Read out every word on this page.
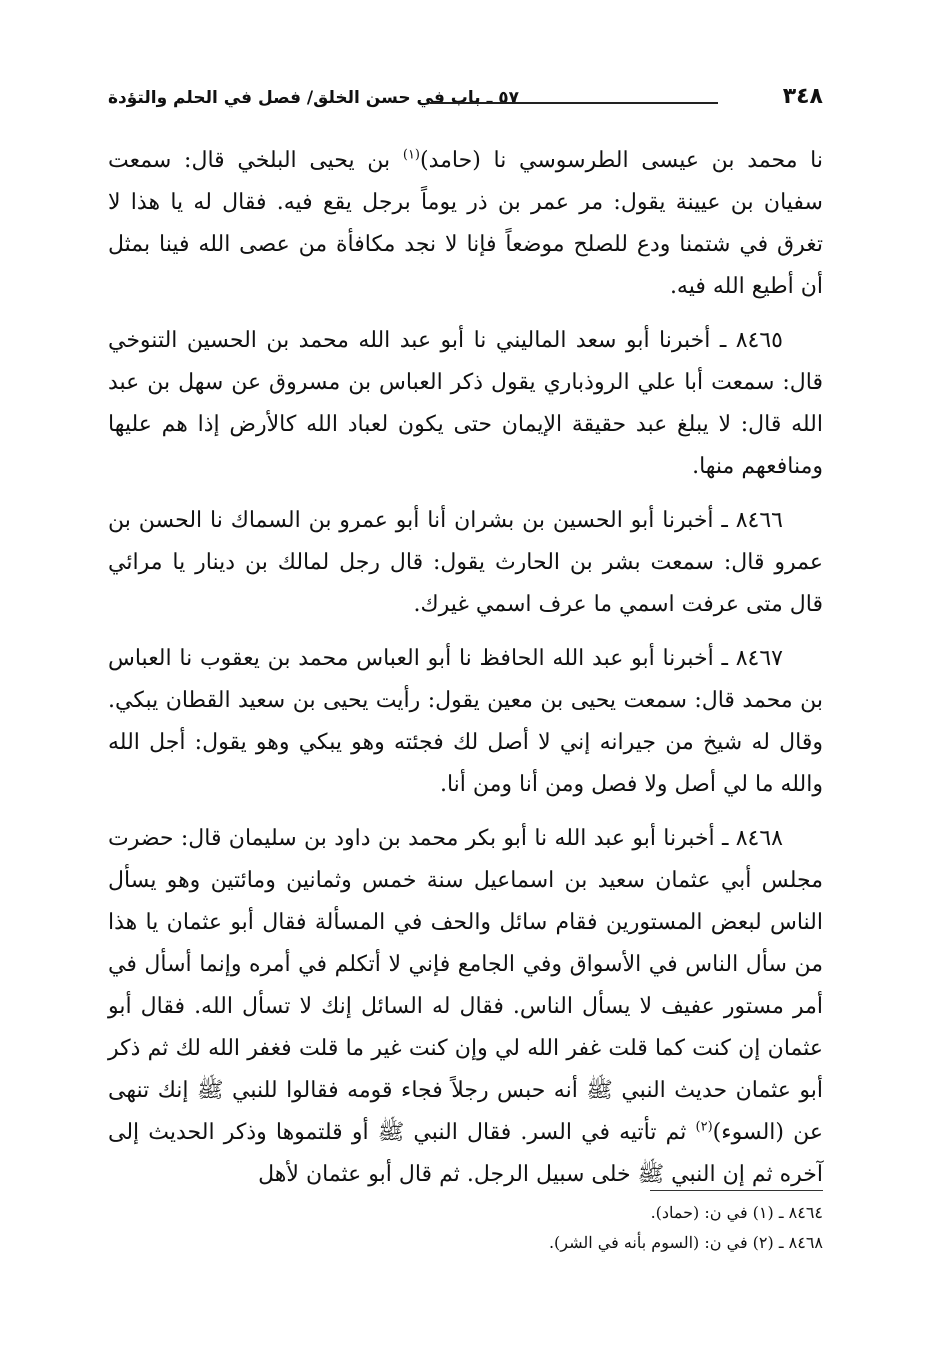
٥٧ ـ باب في حسن الخلق/ فصل في الحلم والتؤدة	٣٤٨

نا محمد بن عيسى الطرسوسي نا (حامد)$^{(١)}$ بن يحيى البلخي قال: سمعت سفيان بن عيينة يقول: مر عمر بن ذر يوماً برجل يقع فيه. فقال له يا هذا لا تغرق في شتمنا ودع للصلح موضعاً فإنا لا نجد مكافأة من عصى الله فينا بمثل أن أطيع الله فيه.

٨٤٦٥ ـ أخبرنا أبو سعد الماليني نا أبو عبد الله محمد بن الحسين التنوخي قال: سمعت أبا علي الروذباري يقول ذكر العباس بن مسروق عن سهل بن عبد الله قال: لا يبلغ عبد حقيقة الإيمان حتى يكون لعباد الله كالأرض إذا هم عليها ومنافعهم منها.

٨٤٦٦ ـ أخبرنا أبو الحسين بن بشران أنا أبو عمرو بن السماك نا الحسن بن عمرو قال: سمعت بشر بن الحارث يقول: قال رجل لمالك بن دينار يا مرائي قال متى عرفت اسمي ما عرف اسمي غيرك.

٨٤٦٧ ـ أخبرنا أبو عبد الله الحافظ نا أبو العباس محمد بن يعقوب نا العباس بن محمد قال: سمعت يحيى بن معين يقول: رأيت يحيى بن سعيد القطان يبكي. وقال له شيخ من جيرانه إني لا أصل لك فجئته وهو يبكي وهو يقول: أجل الله والله ما لي أصل ولا فصل ومن أنا ومن أنا.

٨٤٦٨ ـ أخبرنا أبو عبد الله نا أبو بكر محمد بن داود بن سليمان قال: حضرت مجلس أبي عثمان سعيد بن اسماعيل سنة خمس وثمانين ومائتين وهو يسأل الناس لبعض المستورين فقام سائل والحف في المسألة فقال أبو عثمان يا هذا من سأل الناس في الأسواق وفي الجامع فإني لا أتكلم في أمره وإنما أسأل في أمر مستور عفيف لا يسأل الناس. فقال له السائل إنك لا تسأل الله. فقال أبو عثمان إن كنت كما قلت غفر الله لي وإن كنت غير ما قلت فغفر الله لك ثم ذكر أبو عثمان حديث النبي ﷺ أنه حبس رجلاً فجاء قومه فقالوا للنبي ﷺ إنك تنهى عن (السوء)$^{(٢)}$ ثم تأتيه في السر. فقال النبي ﷺ أو قلتموها وذكر الحديث إلى آخره ثم إن النبي ﷺ خلى سبيل الرجل. ثم قال أبو عثمان لأهل

٨٤٦٤ ـ (١) في ن: (حماد).
٨٤٦٨ ـ (٢) في ن: (السوم بأنه في الشر).
